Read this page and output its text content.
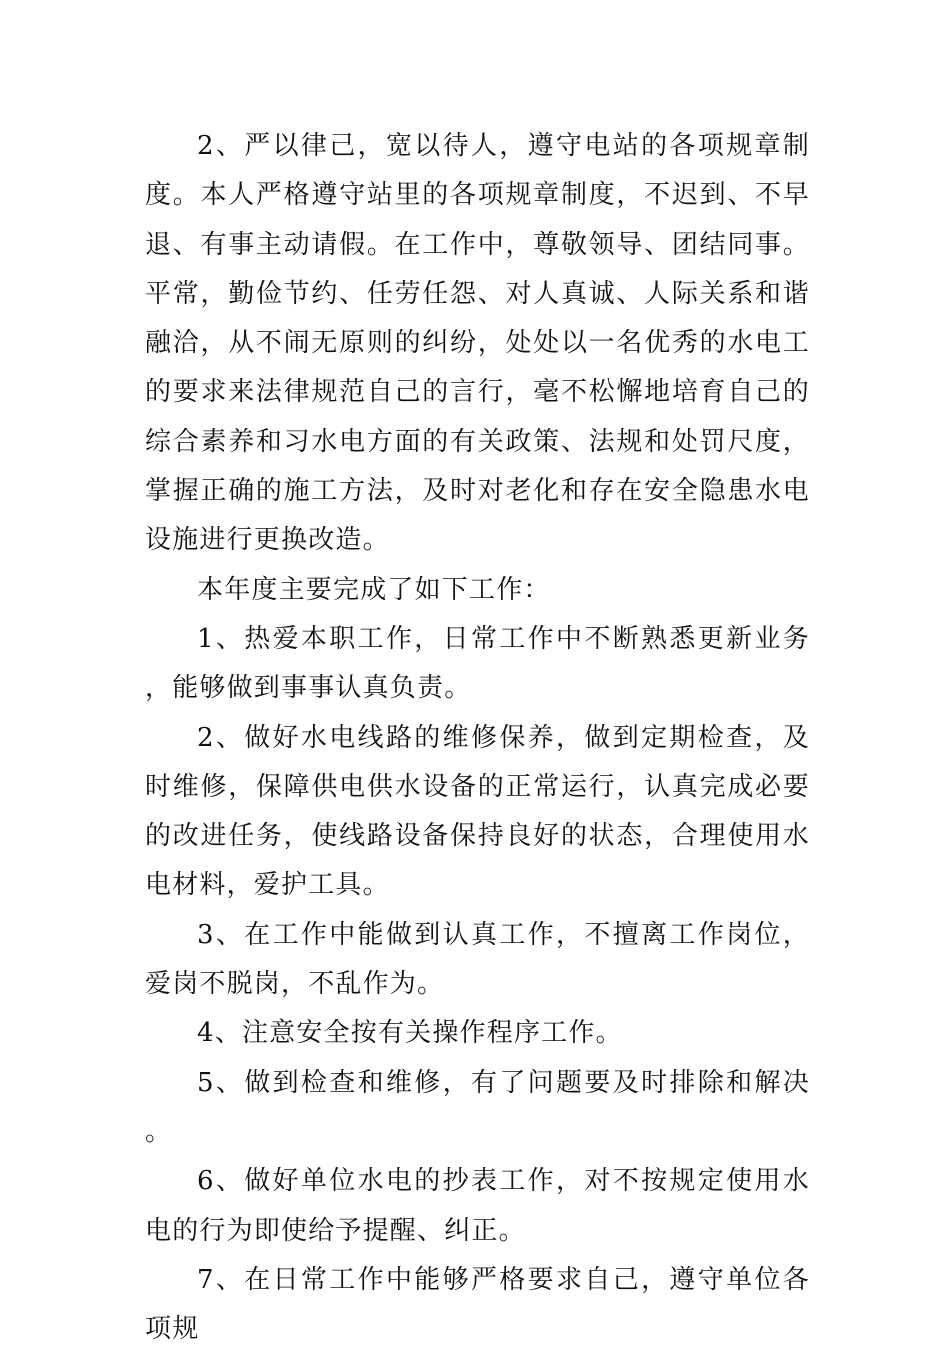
2、严以律己，宽以待人，遵守电站的各项规章制度。本人严格遵守站里的各项规章制度，不迟到、不早退、有事主动请假。在工作中，尊敬领导、团结同事。平常，勤俭节约、任劳任怨、对人真诚、人际关系和谐融洽，从不闹无原则的纠纷，处处以一名优秀的水电工的要求来法律规范自己的言行，毫不松懈地培育自己的综合素养和习水电方面的有关政策、法规和处罚尺度，掌握正确的施工方法，及时对老化和存在安全隐患水电设施进行更换改造。

本年度主要完成了如下工作：

1、热爱本职工作，日常工作中不断熟悉更新业务，能够做到事事认真负责。

2、做好水电线路的维修保养，做到定期检查，及时维修，保障供电供水设备的正常运行，认真完成必要的改进任务，使线路设备保持良好的状态，合理使用水电材料，爱护工具。

3、在工作中能做到认真工作，不擅离工作岗位，爱岗不脱岗，不乱作为。

4、注意安全按有关操作程序工作。

5、做到检查和维修，有了问题要及时排除和解决。

6、做好单位水电的抄表工作，对不按规定使用水电的行为即使给予提醒、纠正。

7、在日常工作中能够严格要求自己，遵守单位各项规
